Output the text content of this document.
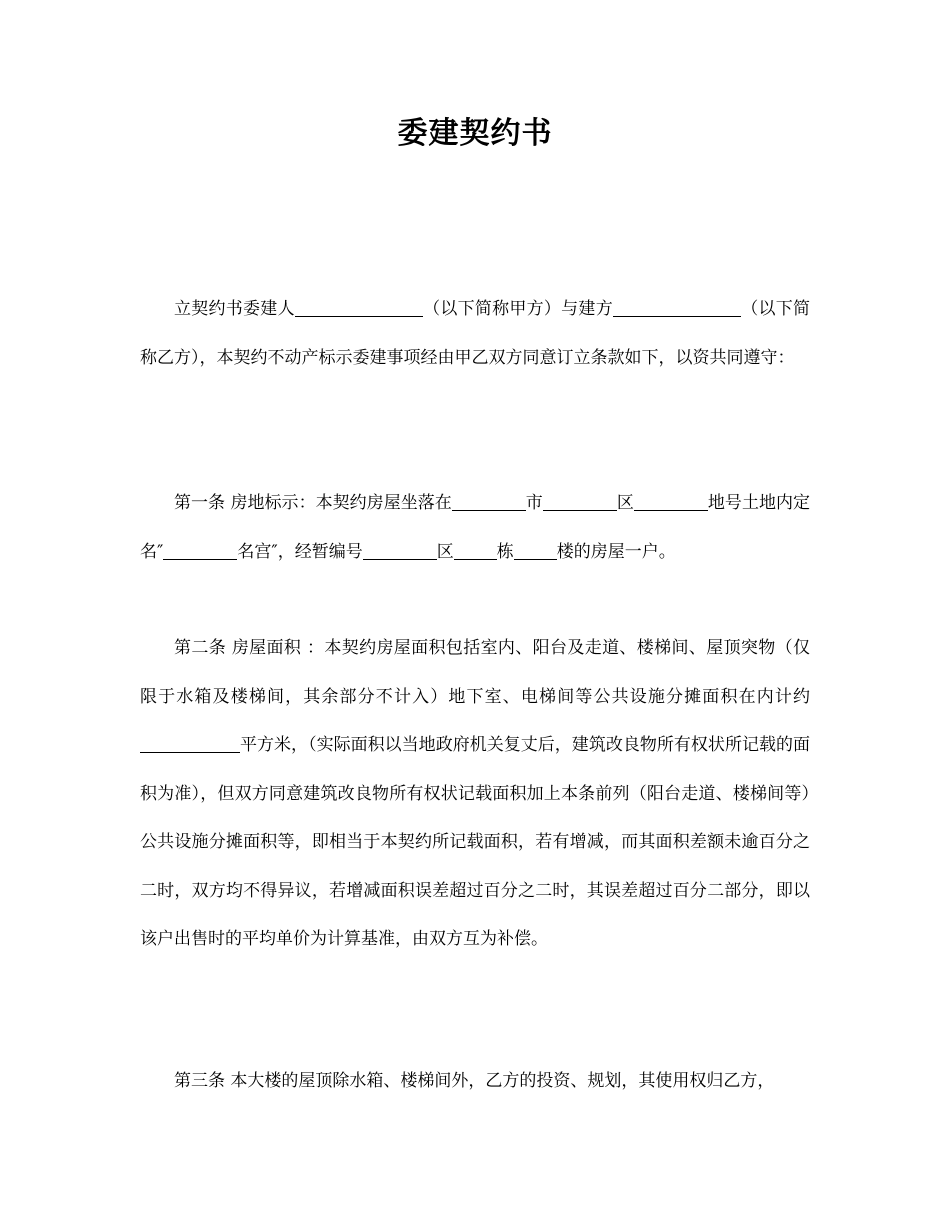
委建契约书

立契约书委建人	（以下简称甲方）与建方	（以下简称乙方），本契约不动产标示委建事项经由甲乙双方同意订立条款如下，以资共同遵守：

第一条 房地标示：本契约房屋坐落在	市	区	地号土地内定名″	名宫″，经暂编号	区	栋	楼的房屋一户。

第二条 房屋面积 ：本契约房屋面积包括室内、阳台及走道、楼梯间、屋顶突物（仅限于水箱及楼梯间，其余部分不计入）地下室、电梯间等公共设施分摊面积在内计约平方米，（实际面积以当地政府机关复丈后，建筑改良物所有权状所记载的面积为准），但双方同意建筑改良物所有权状记载面积加上本条前列（阳台走道、楼梯间等）公共设施分摊面积等，即相当于本契约所记载面积，若有增减，而其面积差额未逾百分之二时，双方均不得异议，若增减面积误差超过百分之二时，其误差超过百分二部分，即以该户出售时的平均单价为计算基准，由双方互为补偿。

第三条 本大楼的屋顶除水箱、楼梯间外，乙方的投资、规划，其使用权归乙方，
